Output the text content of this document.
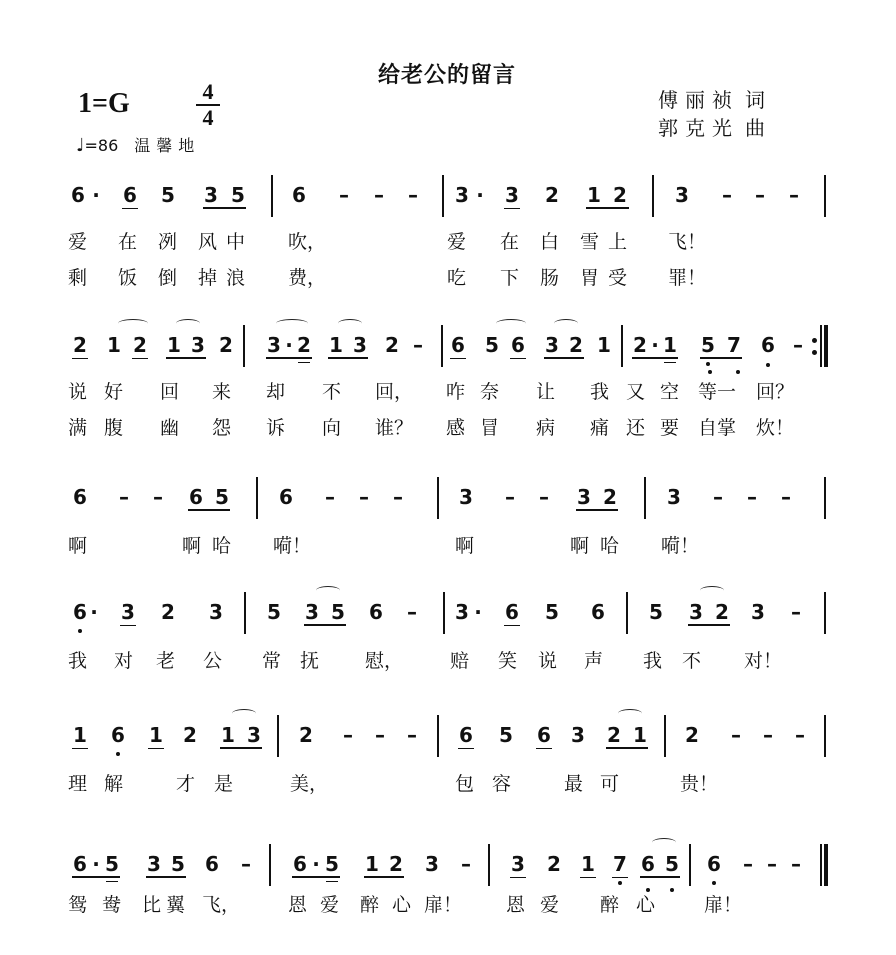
给老公的留言
1=G	4
4
♩=86 温馨地
傅丽祯 词
郭克光 曲
6 · 6 5 3 5 6 – – – 3 · 3 2 1 2 3 – – –
爱 在 冽 风 中 吹，	爱 在 白 雪 上 飞！
剩 饭 倒 掉 浪 费，	吃 下 肠 胃 受 罪！
2 1 2 1 3 2 3 · 2 1 3 2 – 6 5 6 3 2 1 2 · 1 5 7 6 –
说 好 回 来 却 不 回， 咋 奈 让 我 又 空 等一 回？
满 腹 幽 怨 诉 向 谁？ 感 冒 病 痛 还 要 自掌 炊！
6 – – 6 5	6 – – –	3 – – 3 2	3 – – –
啊	啊 哈 嗬！	啊	啊 哈 嗬！
6 · 3 2 3 5 3 5 6 – 3 · 6 5 6 5 3 2 3 –
我 对 老 公 常 抚 慰， 赔 笑 说 声 我 不 对！
1 6 1 2 1 3 2 – – – 6 5 6 3 2 1 2 – – –
理 解	才 是	美，	包 容	最 可	贵！
6 · 5 3 5 6 – 6 · 5 1 2 3 – 3 2 1 7 6 5 6 – – –
鸳 鸯 比 翼 飞，	恩 爱 醉 心 扉！ 恩 爱 醉 心	扉！
